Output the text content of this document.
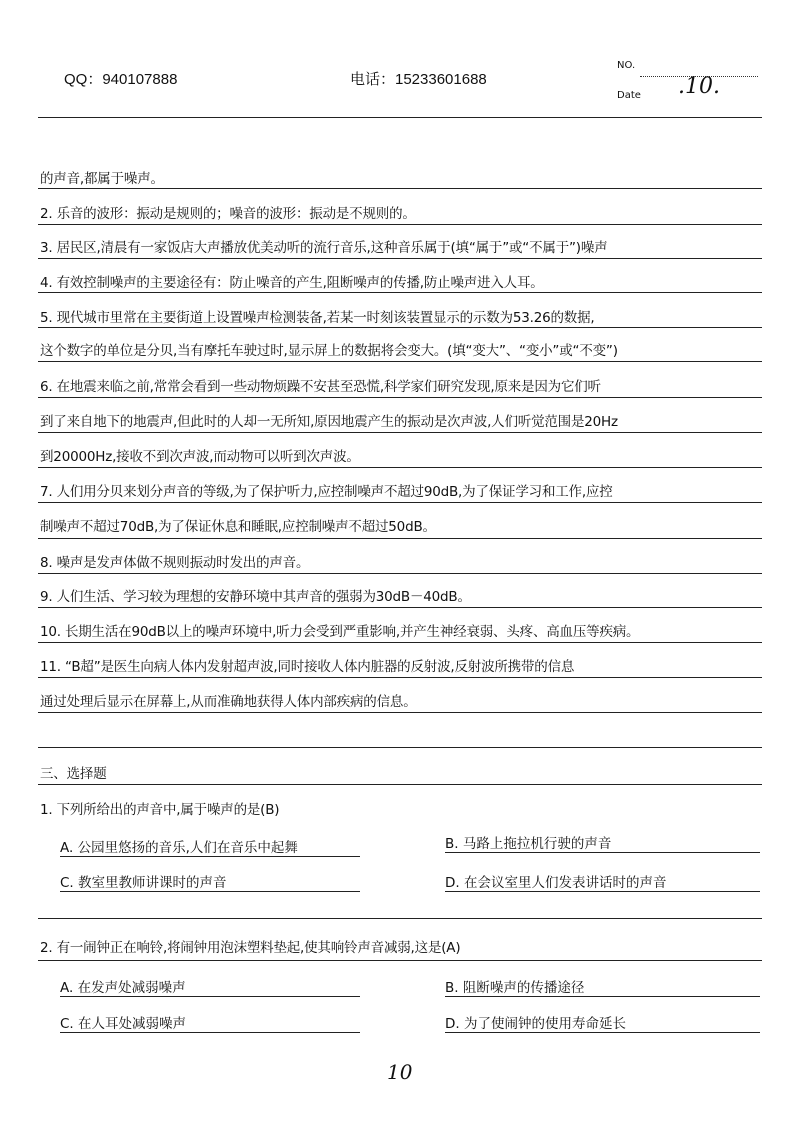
QQ：940107888	电话：15233601688
NO.
Date .10.
的声音,都属于噪声。
2. 乐音的波形：振动是规则的；噪音的波形：振动是不规则的。
3. 居民区,清晨有一家饭店大声播放优美动听的流行音乐,这种音乐属于(填“属于”或“不属于”)噪声
4. 有效控制噪声的主要途径有：防止噪音的产生,阻断噪声的传播,防止噪声进入人耳。
5. 现代城市里常在主要街道上设置噪声检测装备,若某一时刻该装置显示的示数为53.26的数据,
这个数字的单位是分贝,当有摩托车驶过时,显示屏上的数据将会变大。(填“变大”、“变小”或“不变”)
6. 在地震来临之前,常常会看到一些动物烦躁不安甚至恐慌,科学家们研究发现,原来是因为它们听
到了来自地下的地震声,但此时的人却一无所知,原因地震产生的振动是次声波,人们听觉范围是20Hz
到20000Hz,接收不到次声波,而动物可以听到次声波。
7. 人们用分贝来划分声音的等级,为了保护听力,应控制噪声不超过90dB,为了保证学习和工作,应控
制噪声不超过70dB,为了保证休息和睡眠,应控制噪声不超过50dB。
8. 噪声是发声体做不规则振动时发出的声音。
9. 人们生活、学习较为理想的安静环境中其声音的强弱为30dB－40dB。
10. 长期生活在90dB以上的噪声环境中,听力会受到严重影响,并产生神经衰弱、头疼、高血压等疾病。
11. “B超”是医生向病人体内发射超声波,同时接收人体内脏器的反射波,反射波所携带的信息
通过处理后显示在屏幕上,从而准确地获得人体内部疾病的信息。
三、选择题
1. 下列所给出的声音中,属于噪声的是(B)
A. 公园里悠扬的音乐,人们在音乐中起舞	B. 马路上拖拉机行驶的声音
C. 教室里教师讲课时的声音	D. 在会议室里人们发表讲话时的声音
2. 有一闹钟正在响铃,将闹钟用泡沫塑料垫起,使其响铃声音减弱,这是(A)
A. 在发声处减弱噪声	B. 阻断噪声的传播途径
C. 在人耳处减弱噪声	D. 为了使闹钟的使用寿命延长
10
